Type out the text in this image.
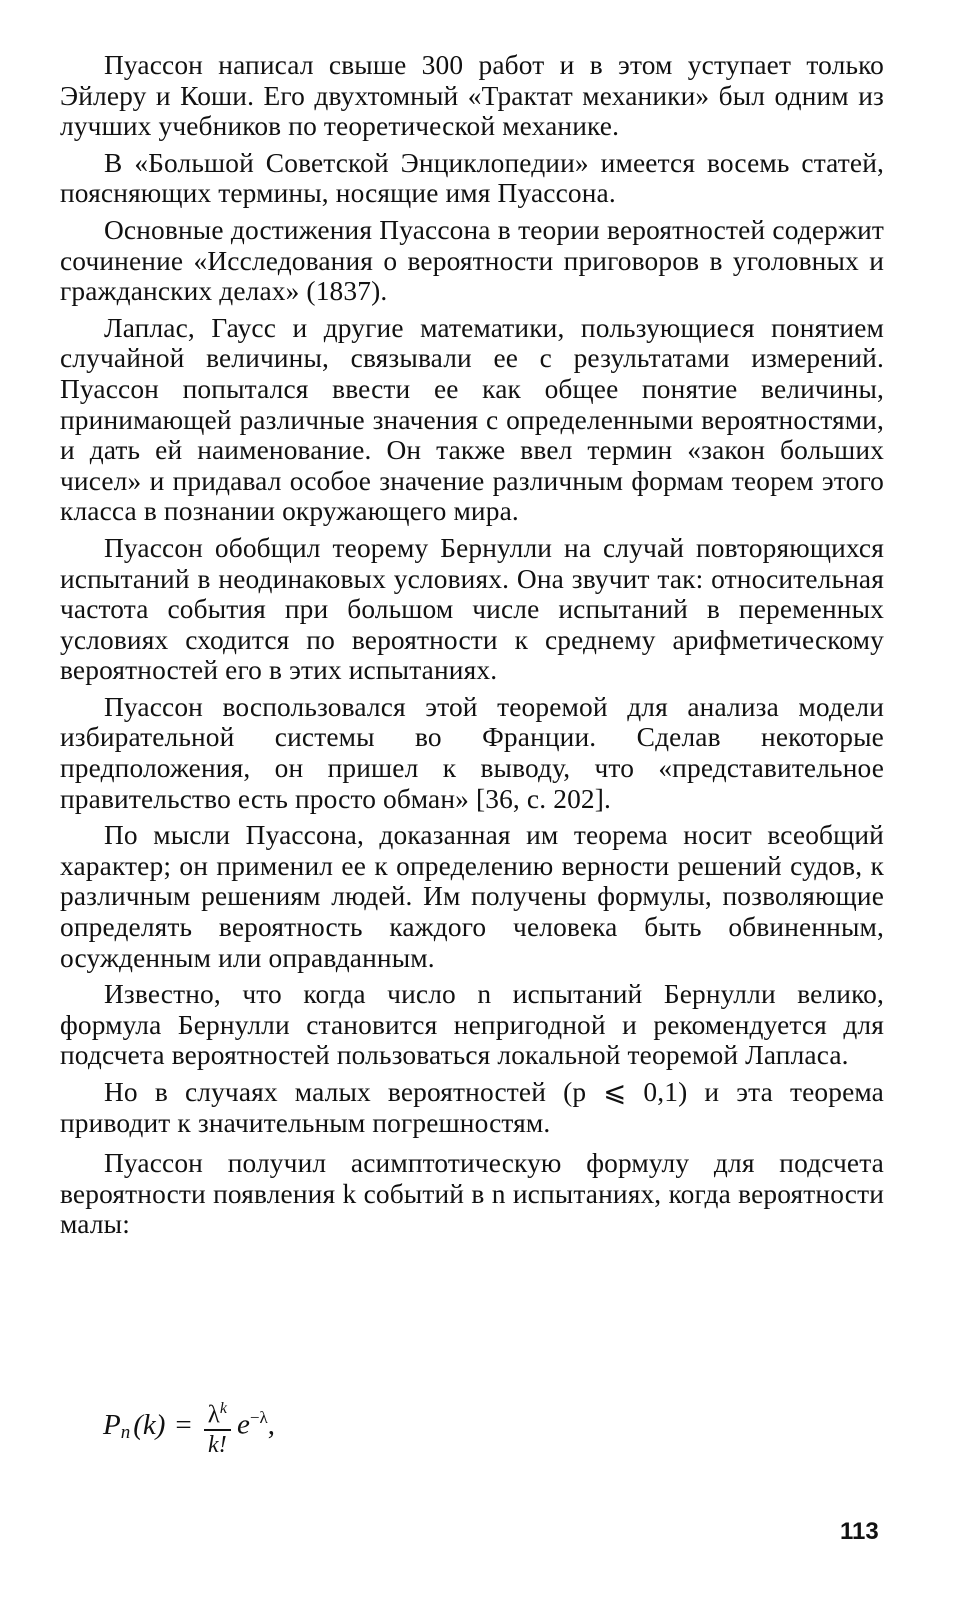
Пуассон написал свыше 300 работ и в этом уступает только Эйлеру и Коши. Его двухтомный «Трактат механики» был одним из лучших учебников по теоретической механике.

В «Большой Советской Энциклопедии» имеется восемь статей, поясняющих термины, носящие имя Пуассона.

Основные достижения Пуассона в теории вероятностей содержит сочинение «Исследования о вероятности приговоров в уголовных и гражданских делах» (1837).

Лаплас, Гаусс и другие математики, пользующиеся понятием случайной величины, связывали ее с результатами измерений. Пуассон попытался ввести ее как общее понятие величины, принимающей различные значения с определенными вероятностями, и дать ей наименование. Он также ввел термин «закон больших чисел» и придавал особое значение различным формам теорем этого класса в познании окружающего мира.

Пуассон обобщил теорему Бернулли на случай повторяющихся испытаний в неодинаковых условиях. Она звучит так: относительная частота события при большом числе испытаний в переменных условиях сходится по вероятности к среднему арифметическому вероятностей его в этих испытаниях.

Пуассон воспользовался этой теоремой для анализа модели избирательной системы во Франции. Сделав некоторые предположения, он пришел к выводу, что «представительное правительство есть просто обман» [36, с. 202].

По мысли Пуассона, доказанная им теорема носит всеобщий характер; он применил ее к определению верности решений судов, к различным решениям людей. Им получены формулы, позволяющие определять вероятность каждого человека быть обвиненным, осужденным или оправданным.

Известно, что когда число n испытаний Бернулли велико, формула Бернулли становится непригодной и рекомендуется для подсчета вероятностей пользоваться локальной теоремой Лапласа.

Но в случаях малых вероятностей (p ⩽ 0,1) и эта теорема приводит к значительным погрешностям.

Пуассон получил асимптотическую формулу для подсчета вероятности появления k событий в n испытаниях, когда вероятности малы:

P n $(k) = \frac{\lambda^k}{k!} e^{-\lambda}$ ,
113
